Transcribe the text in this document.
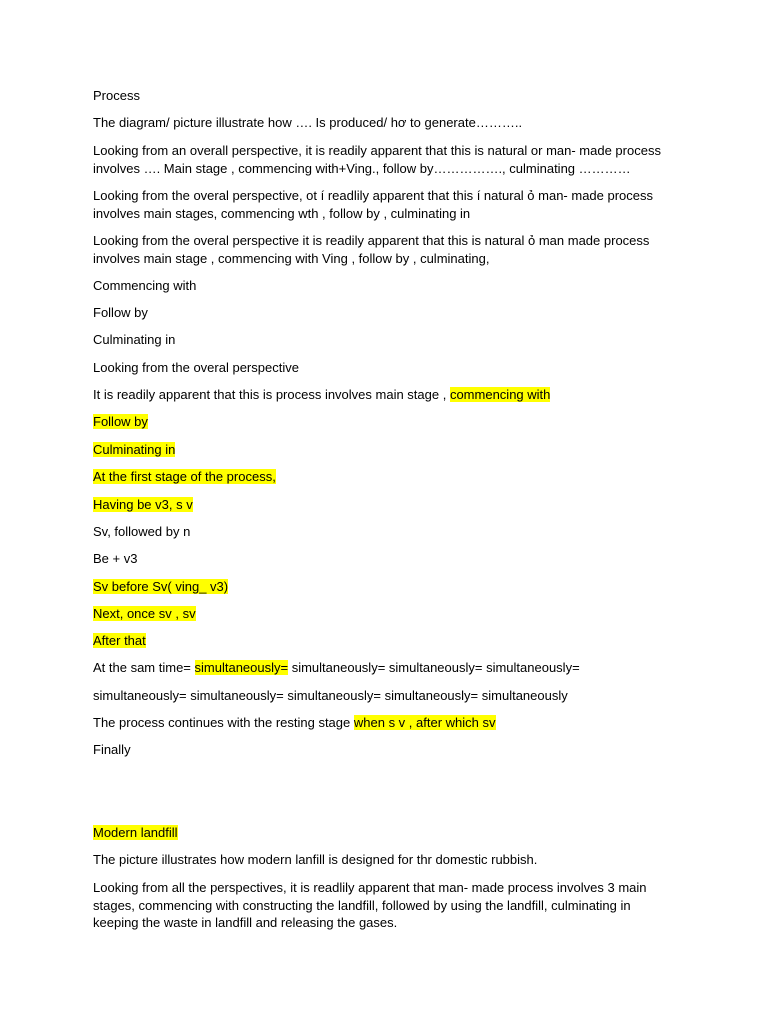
Process

The diagram/ picture illustrate how …. Is produced/ hơ to generate………..

Looking from an overall perspective, it is readily apparent that this is natural or man- made process involves …. Main stage , commencing with+Ving., follow by……………., culminating …………

Looking from the overal perspective, ot í readlily apparent that this í natural ỏ man- made process involves main stages, commencing wth , follow by , culminating in

Looking from the overal perspective it is readily apparent that this is natural ỏ man made process involves main stage , commencing with Ving , follow by , culminating,

Commencing with

Follow by

Culminating in

Looking from the overal perspective

It is readily apparent that this is process involves main stage , commencing with

Follow by

Culminating in

At the first stage of the process,

Having be v3, s v

Sv, followed by n

Be + v3

Sv before Sv( ving_ v3)

Next, once sv , sv

After that

At the sam time= simultaneously= simultaneously= simultaneously= simultaneously=

simultaneously= simultaneously= simultaneously= simultaneously= simultaneously

The process continues with the resting stage when s v , after which sv

Finally

Modern landfill

The picture illustrates how modern lanfill is designed for thr domestic rubbish.

Looking from all the perspectives, it is readlily apparent that man- made process involves 3 main stages, commencing with constructing the landfill, followed by using the landfill, culminating in keeping the waste in landfill and releasing the gases.
